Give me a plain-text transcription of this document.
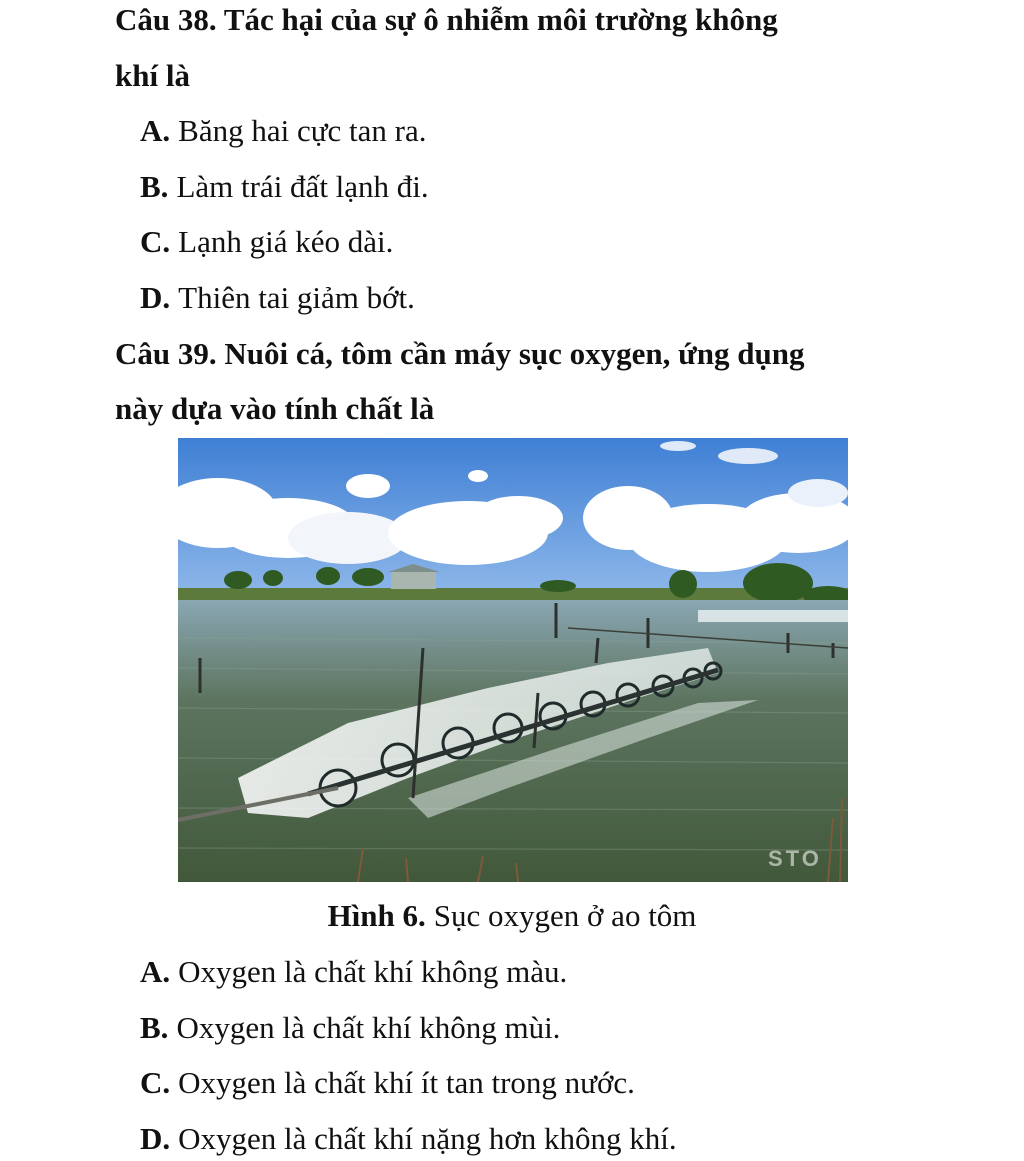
Câu 38. Tác hại của sự ô nhiễm môi trường không
khí là
A. Băng hai cực tan ra.
B. Làm trái đất lạnh đi.
C. Lạnh giá kéo dài.
D. Thiên tai giảm bớt.
Câu 39. Nuôi cá, tôm cần máy sục oxygen, ứng dụng
này dựa vào tính chất là
STO
Hình 6. Sục oxygen ở ao tôm
A. Oxygen là chất khí không màu.
B. Oxygen là chất khí không mùi.
C. Oxygen là chất khí ít tan trong nước.
D. Oxygen là chất khí nặng hơn không khí.
